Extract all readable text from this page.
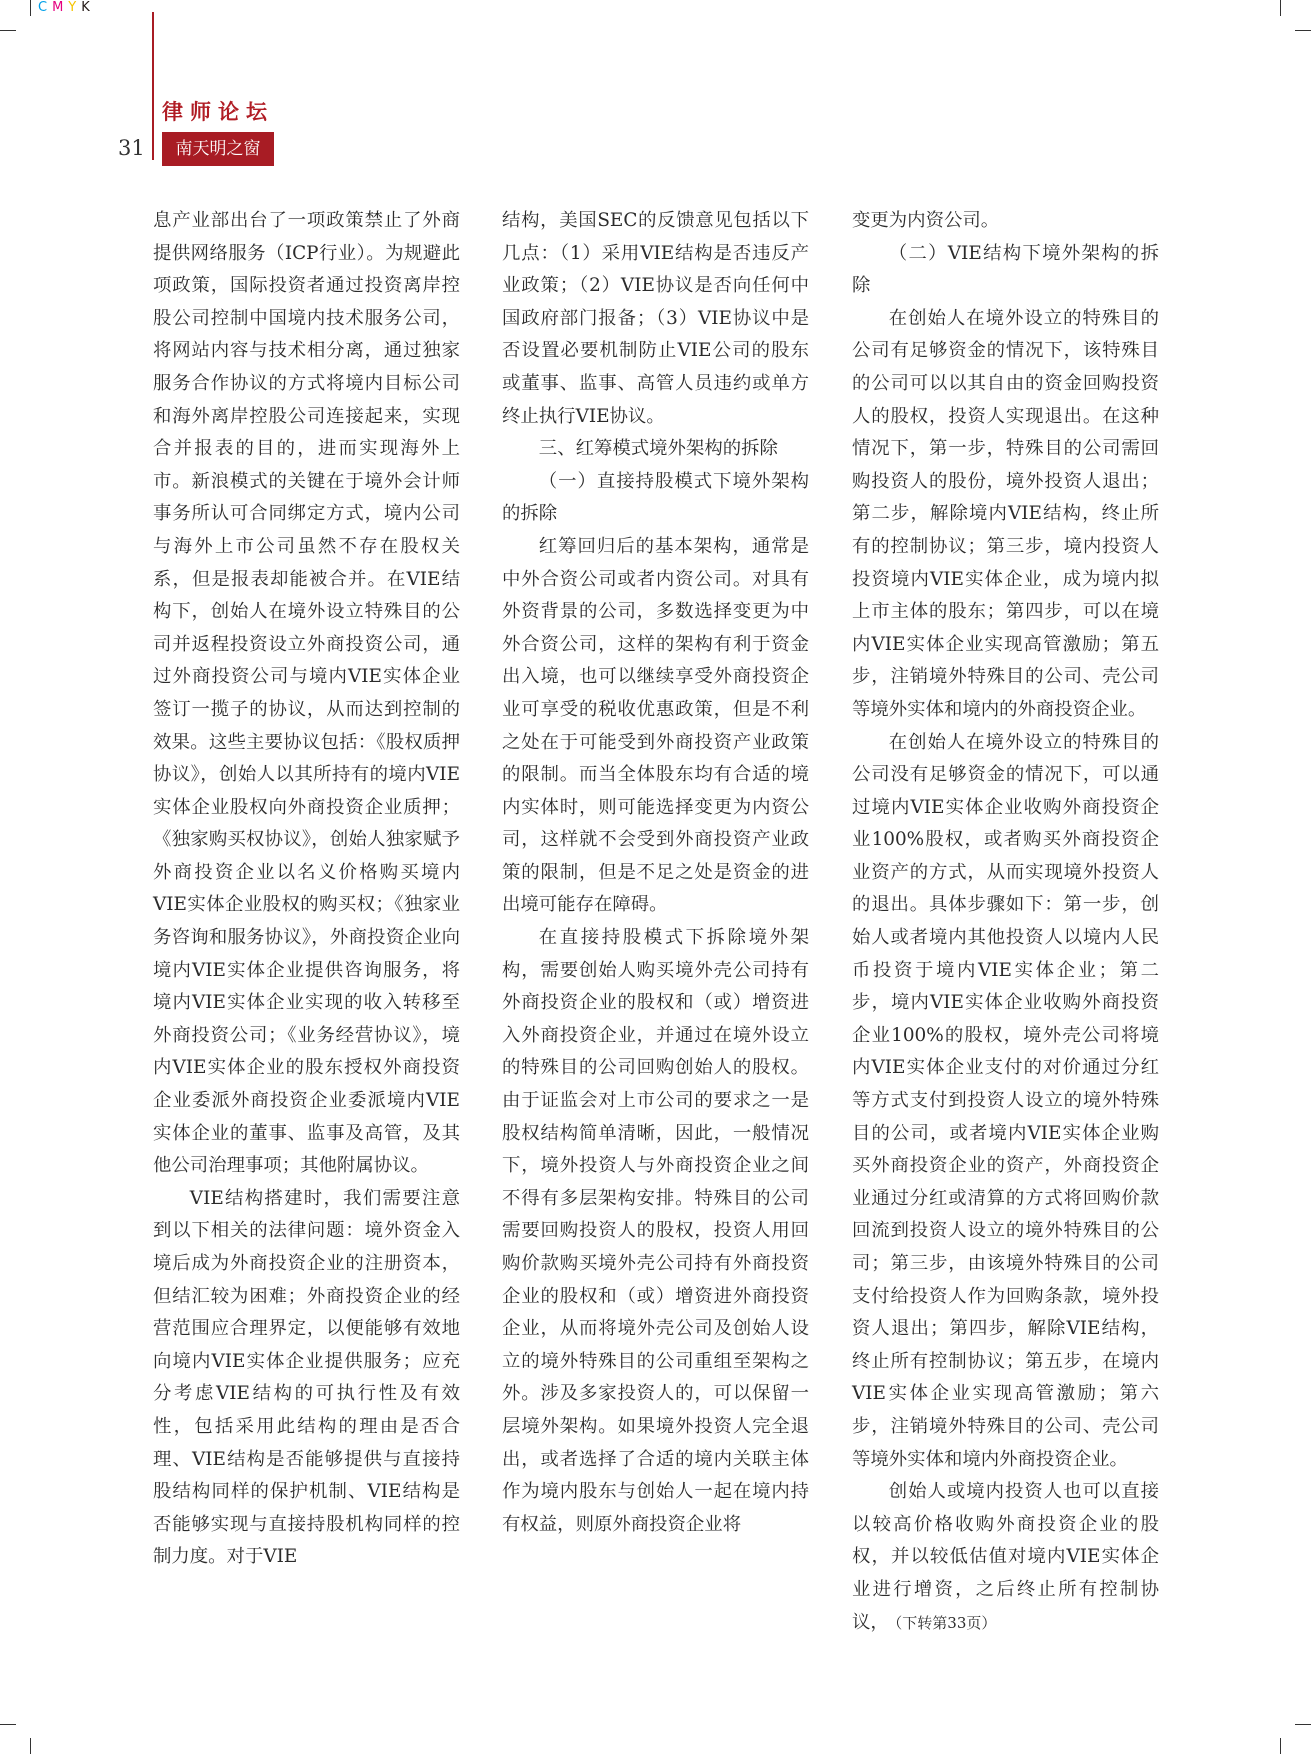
CMYK
律师论坛
31	南天明之窗

息产业部出台了一项政策禁止了外商提供网络服务（ICP行业）。为规避此项政策，国际投资者通过投资离岸控股公司控制中国境内技术服务公司，将网站内容与技术相分离，通过独家服务合作协议的方式将境内目标公司和海外离岸控股公司连接起来，实现合并报表的目的，进而实现海外上市。新浪模式的关键在于境外会计师事务所认可合同绑定方式，境内公司与海外上市公司虽然不存在股权关系，但是报表却能被合并。在VIE结构下，创始人在境外设立特殊目的公司并返程投资设立外商投资公司，通过外商投资公司与境内VIE实体企业签订一揽子的协议，从而达到控制的效果。这些主要协议包括：《股权质押协议》，创始人以其所持有的境内VIE实体企业股权向外商投资企业质押；《独家购买权协议》，创始人独家赋予外商投资企业以名义价格购买境内VIE实体企业股权的购买权；《独家业务咨询和服务协议》，外商投资企业向境内VIE实体企业提供咨询服务，将境内VIE实体企业实现的收入转移至外商投资公司；《业务经营协议》，境内VIE实体企业的股东授权外商投资企业委派外商投资企业委派境内VIE实体企业的董事、监事及高管，及其他公司治理事项；其他附属协议。

VIE结构搭建时，我们需要注意到以下相关的法律问题：境外资金入境后成为外商投资企业的注册资本，但结汇较为困难；外商投资企业的经营范围应合理界定，以便能够有效地向境内VIE实体企业提供服务；应充分考虑VIE结构的可执行性及有效性，包括采用此结构的理由是否合理、VIE结构是否能够提供与直接持股结构同样的保护机制、VIE结构是否能够实现与直接持股机构同样的控制力度。对于VIE

结构，美国SEC的反馈意见包括以下几点：（1）采用VIE结构是否违反产业政策；（2）VIE协议是否向任何中国政府部门报备；（3）VIE协议中是否设置必要机制防止VIE公司的股东或董事、监事、高管人员违约或单方终止执行VIE协议。

三、红筹模式境外架构的拆除

（一）直接持股模式下境外架构的拆除

红筹回归后的基本架构，通常是中外合资公司或者内资公司。对具有外资背景的公司，多数选择变更为中外合资公司，这样的架构有利于资金出入境，也可以继续享受外商投资企业可享受的税收优惠政策，但是不利之处在于可能受到外商投资产业政策的限制。而当全体股东均有合适的境内实体时，则可能选择变更为内资公司，这样就不会受到外商投资产业政策的限制，但是不足之处是资金的进出境可能存在障碍。

在直接持股模式下拆除境外架构，需要创始人购买境外壳公司持有外商投资企业的股权和（或）增资进入外商投资企业，并通过在境外设立的特殊目的公司回购创始人的股权。由于证监会对上市公司的要求之一是股权结构简单清晰，因此，一般情况下，境外投资人与外商投资企业之间不得有多层架构安排。特殊目的公司需要回购投资人的股权，投资人用回购价款购买境外壳公司持有外商投资企业的股权和（或）增资进外商投资企业，从而将境外壳公司及创始人设立的境外特殊目的公司重组至架构之外。涉及多家投资人的，可以保留一层境外架构。如果境外投资人完全退出，或者选择了合适的境内关联主体作为境内股东与创始人一起在境内持有权益，则原外商投资企业将

变更为内资公司。

（二）VIE结构下境外架构的拆除

在创始人在境外设立的特殊目的公司有足够资金的情况下，该特殊目的公司可以以其自由的资金回购投资人的股权，投资人实现退出。在这种情况下，第一步，特殊目的公司需回购投资人的股份，境外投资人退出；第二步，解除境内VIE结构，终止所有的控制协议；第三步，境内投资人投资境内VIE实体企业，成为境内拟上市主体的股东；第四步，可以在境内VIE实体企业实现高管激励；第五步，注销境外特殊目的公司、壳公司等境外实体和境内的外商投资企业。

在创始人在境外设立的特殊目的公司没有足够资金的情况下，可以通过境内VIE实体企业收购外商投资企业100%股权，或者购买外商投资企业资产的方式，从而实现境外投资人的退出。具体步骤如下：第一步，创始人或者境内其他投资人以境内人民币投资于境内VIE实体企业；第二步，境内VIE实体企业收购外商投资企业100%的股权，境外壳公司将境内VIE实体企业支付的对价通过分红等方式支付到投资人设立的境外特殊目的公司，或者境内VIE实体企业购买外商投资企业的资产，外商投资企业通过分红或清算的方式将回购价款回流到投资人设立的境外特殊目的公司；第三步，由该境外特殊目的公司支付给投资人作为回购条款，境外投资人退出；第四步，解除VIE结构，终止所有控制协议；第五步，在境内VIE实体企业实现高管激励；第六步，注销境外特殊目的公司、壳公司等境外实体和境内外商投资企业。

创始人或境内投资人也可以直接以较高价格收购外商投资企业的股权，并以较低估值对境内VIE实体企业进行增资，之后终止所有控制协议， （下转第33页）
